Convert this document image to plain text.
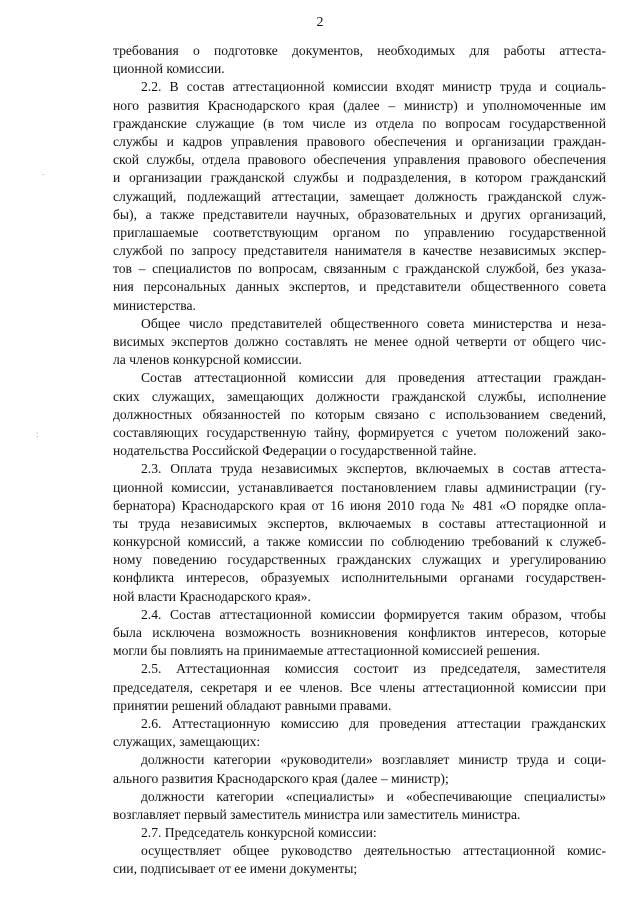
2
.
:
требования о подготовке документов, необходимых для работы аттеста-
ционной комиссии.
2.2. В состав аттестационной комиссии входят министр труда и социаль-
ного развития Краснодарского края (далее – министр) и уполномоченные им
гражданские служащие (в том числе из отдела по вопросам государственной
службы и кадров управления правового обеспечения и организации граждан-
ской службы, отдела правового обеспечения управления правового обеспечения
и организации гражданской службы и подразделения, в котором гражданский
служащий, подлежащий аттестации, замещает должность гражданской служ-
бы), а также представители научных, образовательных и других организаций,
приглашаемые соответствующим органом по управлению государственной
службой по запросу представителя нанимателя в качестве независимых экспер-
тов – специалистов по вопросам, связанным с гражданской службой, без указа-
ния персональных данных экспертов, и представители общественного совета
министерства.
Общее число представителей общественного совета министерства и неза-
висимых экспертов должно составлять не менее одной четверти от общего чис-
ла членов конкурсной комиссии.
Состав аттестационной комиссии для проведения аттестации граждан-
ских служащих, замещающих должности гражданской службы, исполнение
должностных обязанностей по которым связано с использованием сведений,
составляющих государственную тайну, формируется с учетом положений зако-
нодательства Российской Федерации о государственной тайне.
2.3. Оплата труда независимых экспертов, включаемых в состав аттеста-
ционной комиссии, устанавливается постановлением главы администрации (гу-
бернатора) Краснодарского края от 16 июня 2010 года № 481 «О порядке опла-
ты труда независимых экспертов, включаемых в составы аттестационной и
конкурсной комиссий, а также комиссии по соблюдению требований к служеб-
ному поведению государственных гражданских служащих и урегулированию
конфликта интересов, образуемых исполнительными органами государствен-
ной власти Краснодарского края».
2.4. Состав аттестационной комиссии формируется таким образом, чтобы
была исключена возможность возникновения конфликтов интересов, которые
могли бы повлиять на принимаемые аттестационной комиссией решения.
2.5. Аттестационная комиссия состоит из председателя, заместителя
председателя, секретаря и ее членов. Все члены аттестационной комиссии при
принятии решений обладают равными правами.
2.6. Аттестационную комиссию для проведения аттестации гражданских
служащих, замещающих:
должности категории «руководители» возглавляет министр труда и соци-
ального развития Краснодарского края (далее – министр);
должности категории «специалисты» и «обеспечивающие специалисты»
возглавляет первый заместитель министра или заместитель министра.
2.7. Председатель конкурсной комиссии:
осуществляет общее руководство деятельностью аттестационной комис-
сии, подписывает от ее имени документы;
